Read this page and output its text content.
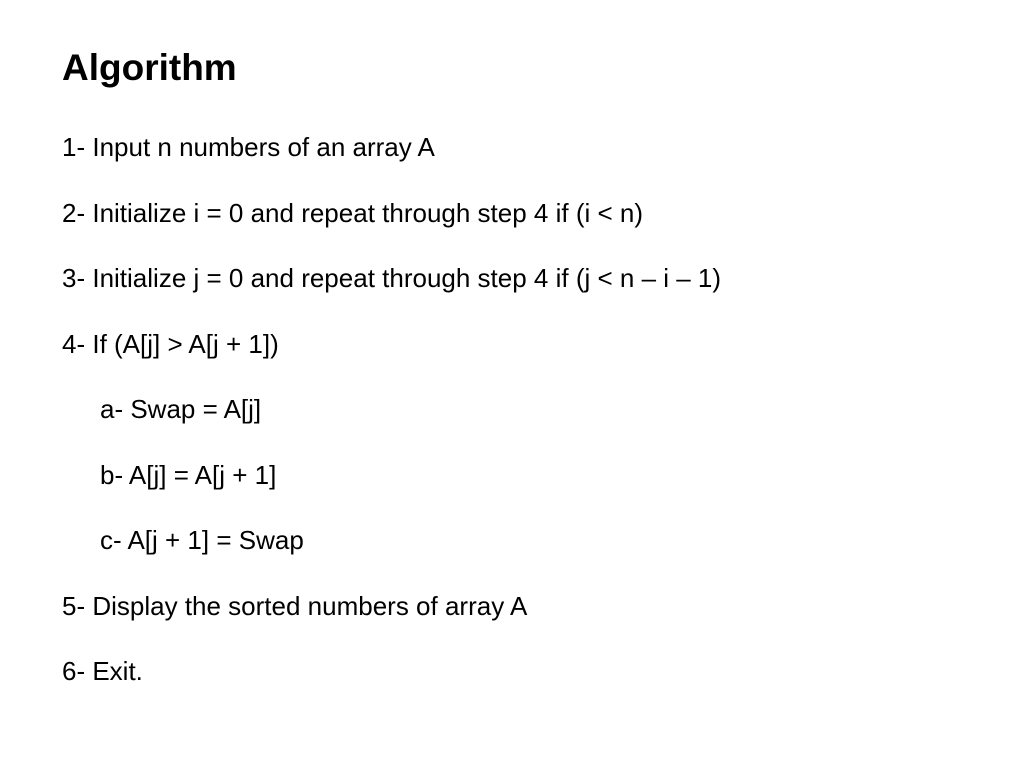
Algorithm
1- Input n numbers of an array A
2- Initialize i = 0 and repeat through step 4 if (i < n)
3- Initialize j = 0 and repeat through step 4 if (j < n – i – 1)
4- If (A[j] > A[j + 1])
a- Swap = A[j]
b- A[j] = A[j + 1]
c- A[j + 1] = Swap
5- Display the sorted numbers of array A
6- Exit.
